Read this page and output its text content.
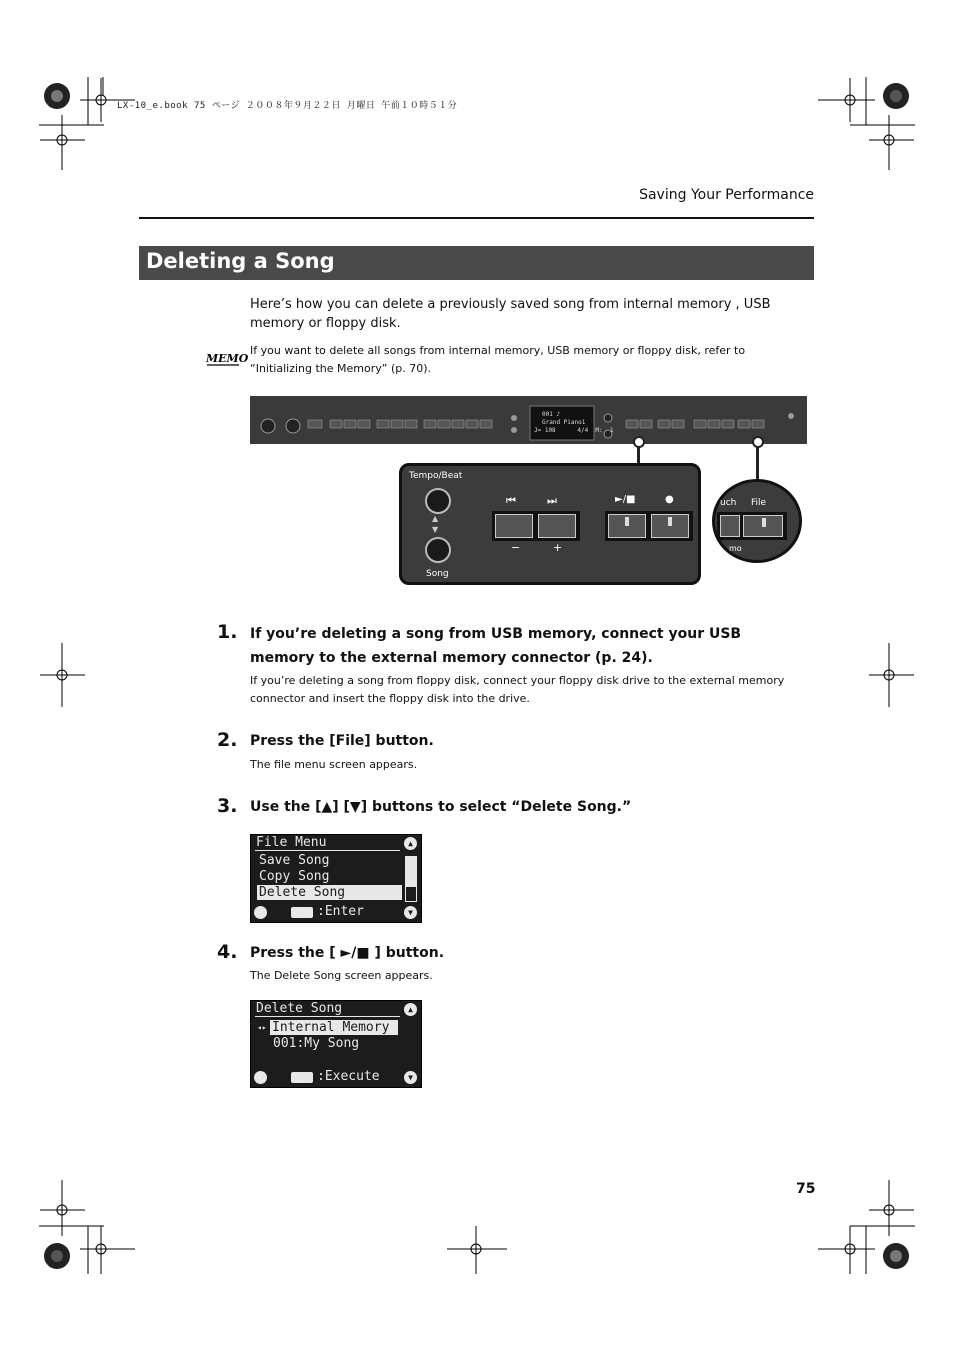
LX-10_e.book 75 ページ ２００８年９月２２日 月曜日 午前１０時５１分
Saving Your Performance
Deleting a Song
Here’s how you can delete a previously saved song from internal memory , USB memory or floppy disk.
MEMO
If you want to delete all songs from internal memory, USB memory or floppy disk, refer to “Initializing the Memory” (p. 70).
001 ♪
Grand Piano1
J= 108      4/4  M:  1
Tempo/Beat
▲
▼
Song
⏮	⏭
−	+
►/■	●	uch File
mo
1. If you’re deleting a song from USB memory, connect your USB memory to the external memory connector (p. 24).
If you’re deleting a song from floppy disk, connect your floppy disk drive to the external memory connector and insert the floppy disk into the drive.
2. Press the [File] button.
The file menu screen appears.
3. Use the [▲] [▼] buttons to select “Delete Song.”
File Menu
Save Song
Copy Song
Delete Song
▲
▼
:Enter
4. Press the [ ►/■ ] button.
The Delete Song screen appears.
Delete Song
◂▸ Internal Memory
001:My Song
▲
▼
:Execute
75
